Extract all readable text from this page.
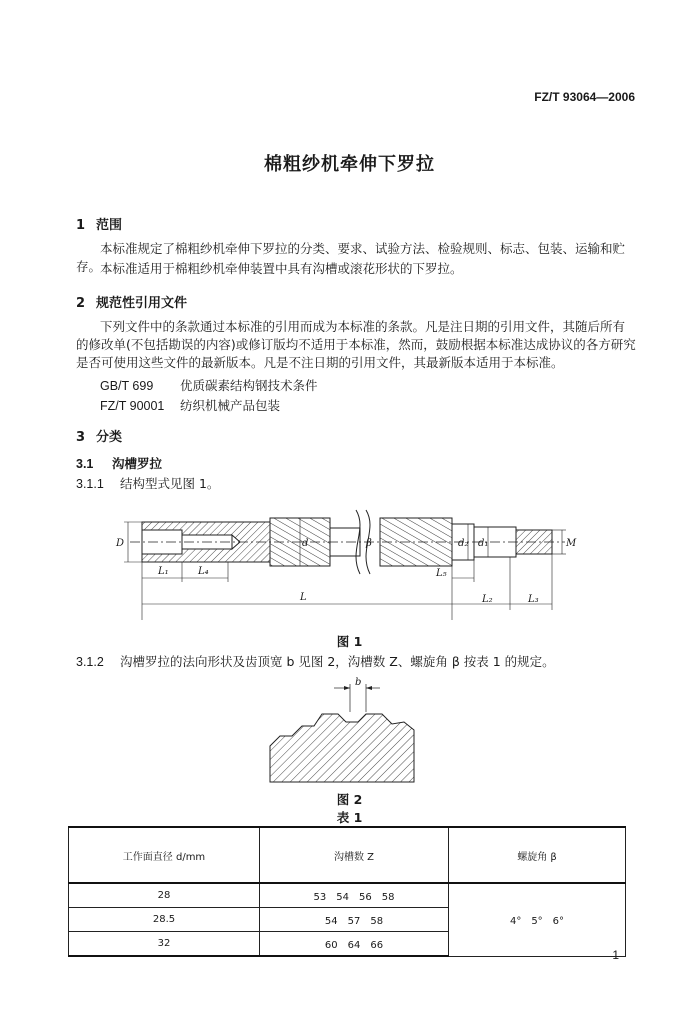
FZ/T 93064—2006
棉粗纱机牵伸下罗拉
1 范围
本标准规定了棉粗纱机牵伸下罗拉的分类、要求、试验方法、检验规则、标志、包装、运输和贮存。
本标准适用于棉粗纱机牵伸装置中具有沟槽或滚花形状的下罗拉。
2 规范性引用文件
下列文件中的条款通过本标准的引用而成为本标准的条款。凡是注日期的引用文件，其随后所有的修改单(不包括勘误的内容)或修订版均不适用于本标准，然而，鼓励根据本标准达成协议的各方研究是否可使用这些文件的最新版本。凡是不注日期的引用文件，其最新版本适用于本标准。
GB/T 699 优质碳素结构钢技术条件
FZ/T 90001 纺织机械产品包装
3 分类
3.1 沟槽罗拉
3.1.1 结构型式见图 1。
D	d	β	d₂ d₁	M
L₁	L₄	L₅
L	L₂	L₃
图 1
3.1.2 沟槽罗拉的法向形状及齿顶宽 b 见图 2，沟槽数 Z、螺旋角 β 按表 1 的规定。
b
图 2
表 1
工作面直径 d/mm	沟槽数 Z	螺旋角 β
28	53　54　56　58	4°　5°　6°
28.5	54　57　58	
32	60　64　66	
1
